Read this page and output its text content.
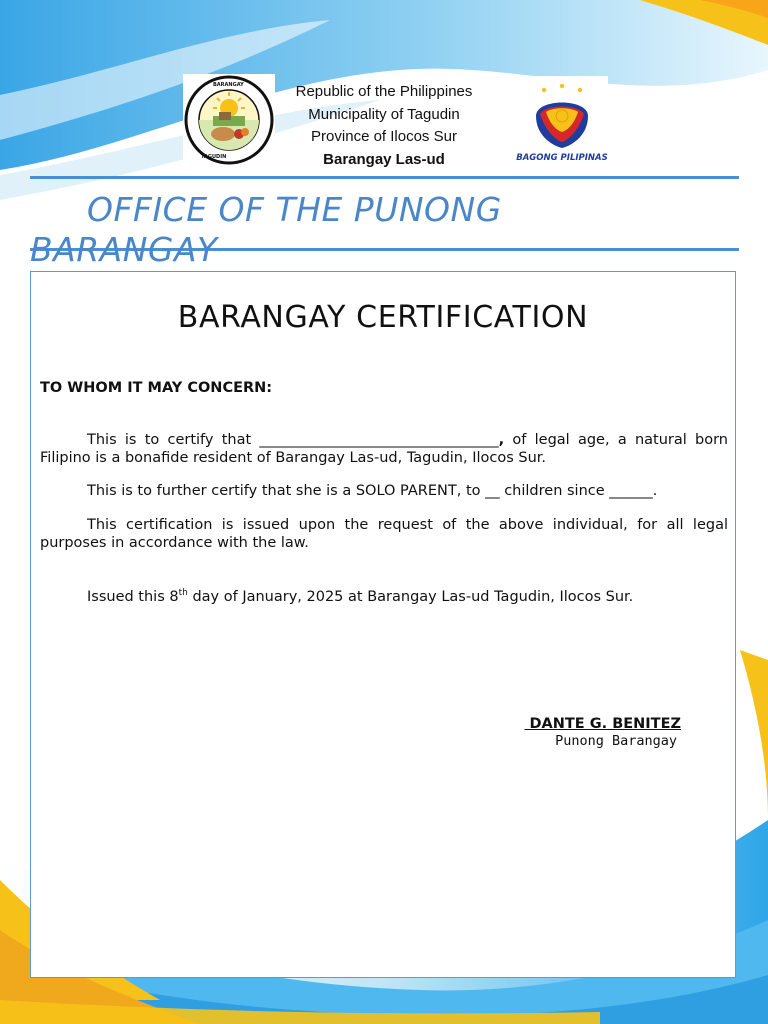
BARANGAY
TAGUDIN
Republic of the Philippines
Municipality of Tagudin
Province of Ilocos Sur
Barangay Las-ud	BAGONG PILIPINAS
OFFICE OF THE PUNONG BARANGAY
BARANGAY CERTIFICATION
TO WHOM IT MAY CONCERN:
This is to certify that _________________________________, of legal age, a natural born Filipino is a bonafide resident of Barangay Las-ud, Tagudin, Ilocos Sur.
This is to further certify that she is a SOLO PARENT, to __ children since ______.
This certification is issued upon the request of the above individual, for all legal purposes in accordance with the law.
Issued this 8th day of January, 2025 at Barangay Las-ud Tagudin, Ilocos Sur.
DANTE G. BENITEZ
Punong Barangay
